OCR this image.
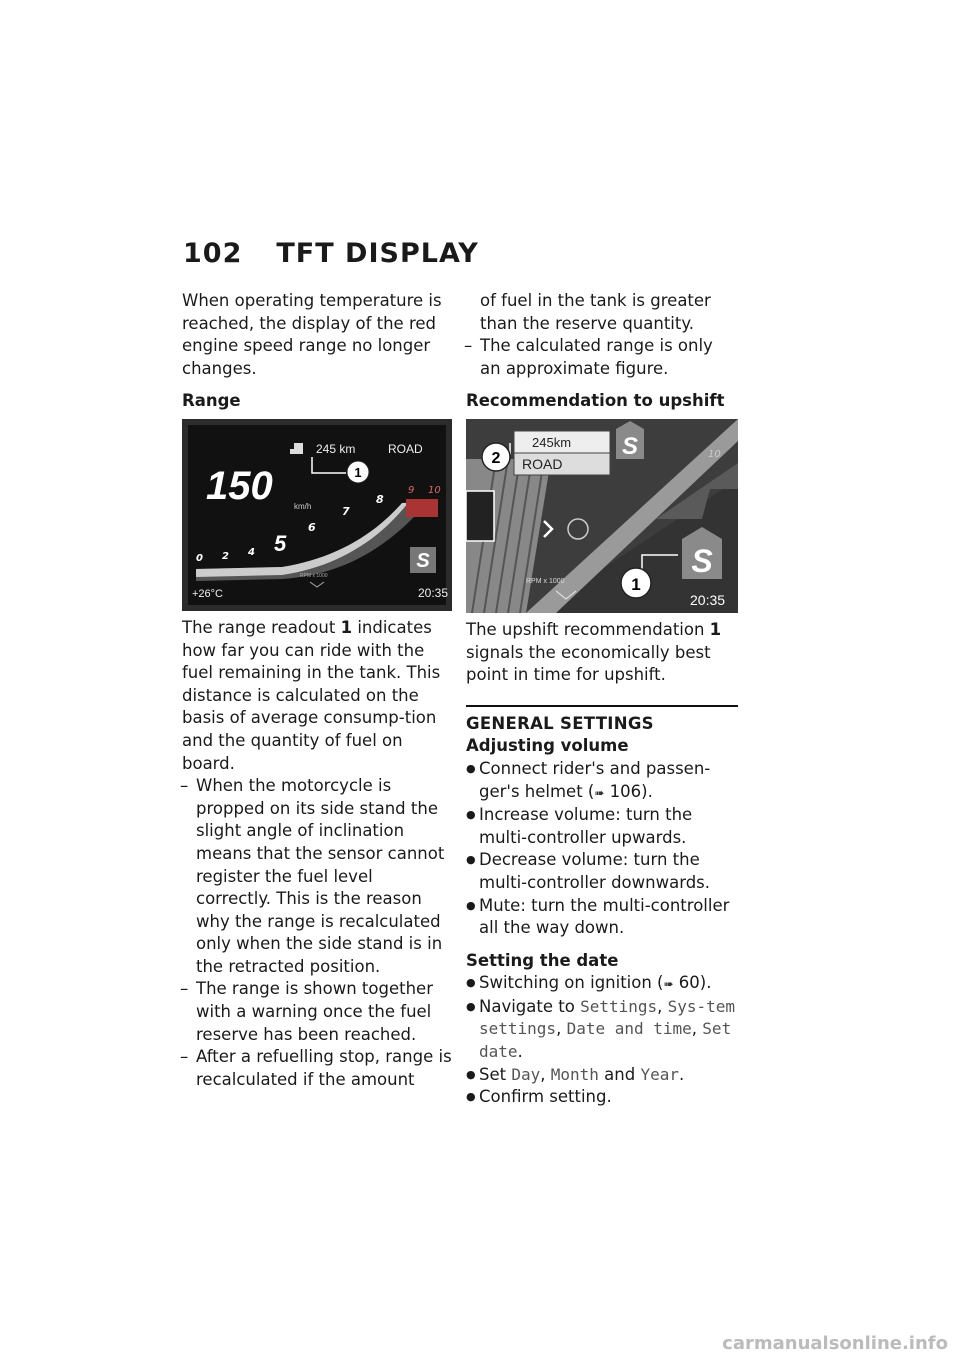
102 TFT DISPLAY

When operating temperature is reached, the display of the red engine speed range no longer changes.

Range
245 km	ROAD
1
150	km/h
0 2 4
6
7
8
9 10
5
S
RPM x 1000
+26°C	20:35

The range readout 1 indicates how far you can ride with the fuel remaining in the tank. This distance is calculated on the basis of average consump-tion and the quantity of fuel on board.

– When the motorcycle is propped on its side stand the slight angle of inclination means that the sensor cannot register the fuel level correctly. This is the reason why the range is recalculated only when the side stand is in the retracted position.

– The range is shown together with a warning once the fuel reserve has been reached.

– After a refuelling stop, range is recalculated if the amount

of fuel in the tank is greater than the reserve quantity.

– The calculated range is only an approximate figure.

Recommendation to upshift
10
245km
ROAD
2	S
S
1
RPM x 1000
20:35

The upshift recommendation 1 signals the economically best point in time for upshift.

GENERAL SETTINGS
Adjusting volume

● Connect rider's and passen-ger's helmet (➠ 106).

● Increase volume: turn the multi-controller upwards.

● Decrease volume: turn the multi-controller downwards.

● Mute: turn the multi-controller all the way down.

Setting the date

● Switching on ignition (➠ 60).

● Navigate to Settings, Sys-tem settings, Date and time, Set date.

● Set Day, Month and Year.

● Confirm setting.

carmanualsonline.info
